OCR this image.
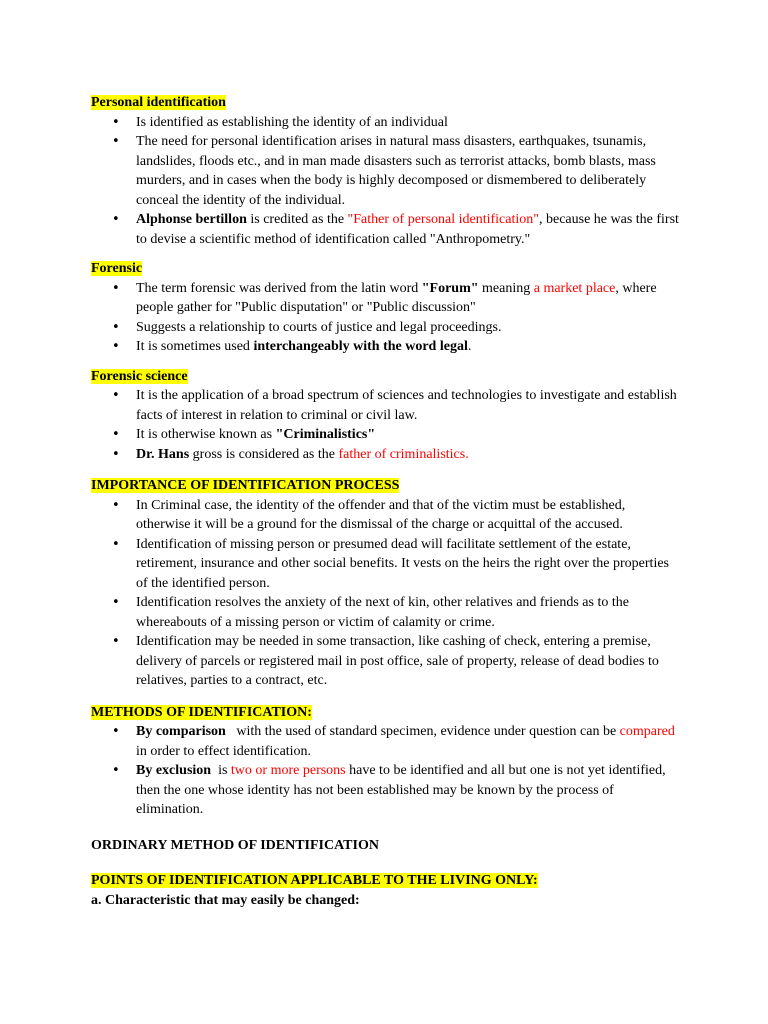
Personal identification

• Is identified as establishing the identity of an individual
• The need for personal identification arises in natural mass disasters, earthquakes, tsunamis, landslides, floods etc., and in man made disasters such as terrorist attacks, bomb blasts, mass murders, and in cases when the body is highly decomposed or dismembered to deliberately conceal the identity of the individual.
• Alphonse bertillon is credited as the "Father of personal identification", because he was the first to devise a scientific method of identification called "Anthropometry."

Forensic

• The term forensic was derived from the latin word "Forum" meaning a market place, where people gather for "Public disputation" or "Public discussion"
• Suggests a relationship to courts of justice and legal proceedings.
• It is sometimes used interchangeably with the word legal.

Forensic science

• It is the application of a broad spectrum of sciences and technologies to investigate and establish facts of interest in relation to criminal or civil law.
• It is otherwise known as "Criminalistics"
• Dr. Hans gross is considered as the father of criminalistics.

IMPORTANCE OF IDENTIFICATION PROCESS

• In Criminal case, the identity of the offender and that of the victim must be established, otherwise it will be a ground for the dismissal of the charge or acquittal of the accused.
• Identification of missing person or presumed dead will facilitate settlement of the estate, retirement, insurance and other social benefits. It vests on the heirs the right over the properties of the identified person.
• Identification resolves the anxiety of the next of kin, other relatives and friends as to the whereabouts of a missing person or victim of calamity or crime.
• Identification may be needed in some transaction, like cashing of check, entering a premise, delivery of parcels or registered mail in post office, sale of property, release of dead bodies to relatives, parties to a contract, etc.

METHODS OF IDENTIFICATION:

• By comparison   with the used of standard specimen, evidence under question can be compared in order to effect identification.
• By exclusion  is two or more persons have to be identified and all but one is not yet identified, then the one whose identity has not been established may be known by the process of elimination.

ORDINARY METHOD OF IDENTIFICATION

POINTS OF IDENTIFICATION APPLICABLE TO THE LIVING ONLY:

a. Characteristic that may easily be changed:
